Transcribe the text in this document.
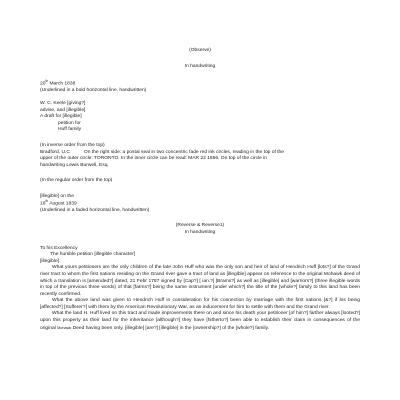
(Observe)
In handwriting
20th March 1838
(Underlined in a bold horizontal line, handwritten)
W. C. Keele [giving?]
advise, and [illegible]
A draft for [illegible]
petition for
Huff family
(In inverse order from the top)
Bradford, U.C	On the right side: a postal seal in two concentric fade red ink circles, reading in the top of the
upper of the outer circle: TORONTO. In the inner circle can be read: MAR 22 1856. On top of the circle in
handwriting Lewis Burwell, Esq.
(In the regular order from the top)
[illegible] on the
16th August 1839
(Underlined in a faded horizontal line, handwritten)
(Reverse & Reverse1)
In handwriting
To his Excellency
The humble petition [illegible character]
[illegible]
What yours petitioners are the only children of the late John Huff who was the only son and heir of land of Hendrich Huff [lots?] of the Grand river tract to whom the first nations residing on the Grand river gave a tract of land as [illegible] appear on reference to the original Mohawk deed of which a translation is [amended?] dated, 21 Febr 1787 signed by [Cap?] [ ian.?] [Brams?] as well as [illegible] and [warriors?] (three illegible words in top of the previous three words) of that [farms?] being the same instrument [under which?] the title of the [whole?] family to this land has been recently confirmed.
What the above land was given to Hendrich Huff in consideration for his connection by marriage with the first nations [&?] if his being [affected?] [Sufferer?] with them by the American Revolutionary War, as an inducement for him to settle with them and the Grand river.
What the land H. Huff lived on this tract and made improvements there on and since his death your petitioner [of him?] farther always [looted?] upon this property as their land for the inheritance [although?] they have [hitherto?] been able to establish their claim in consequences of the original Mohawk Deed having been only, [illegible] [are?] [illegible] in the [ownership?] of the [whole?] family.
